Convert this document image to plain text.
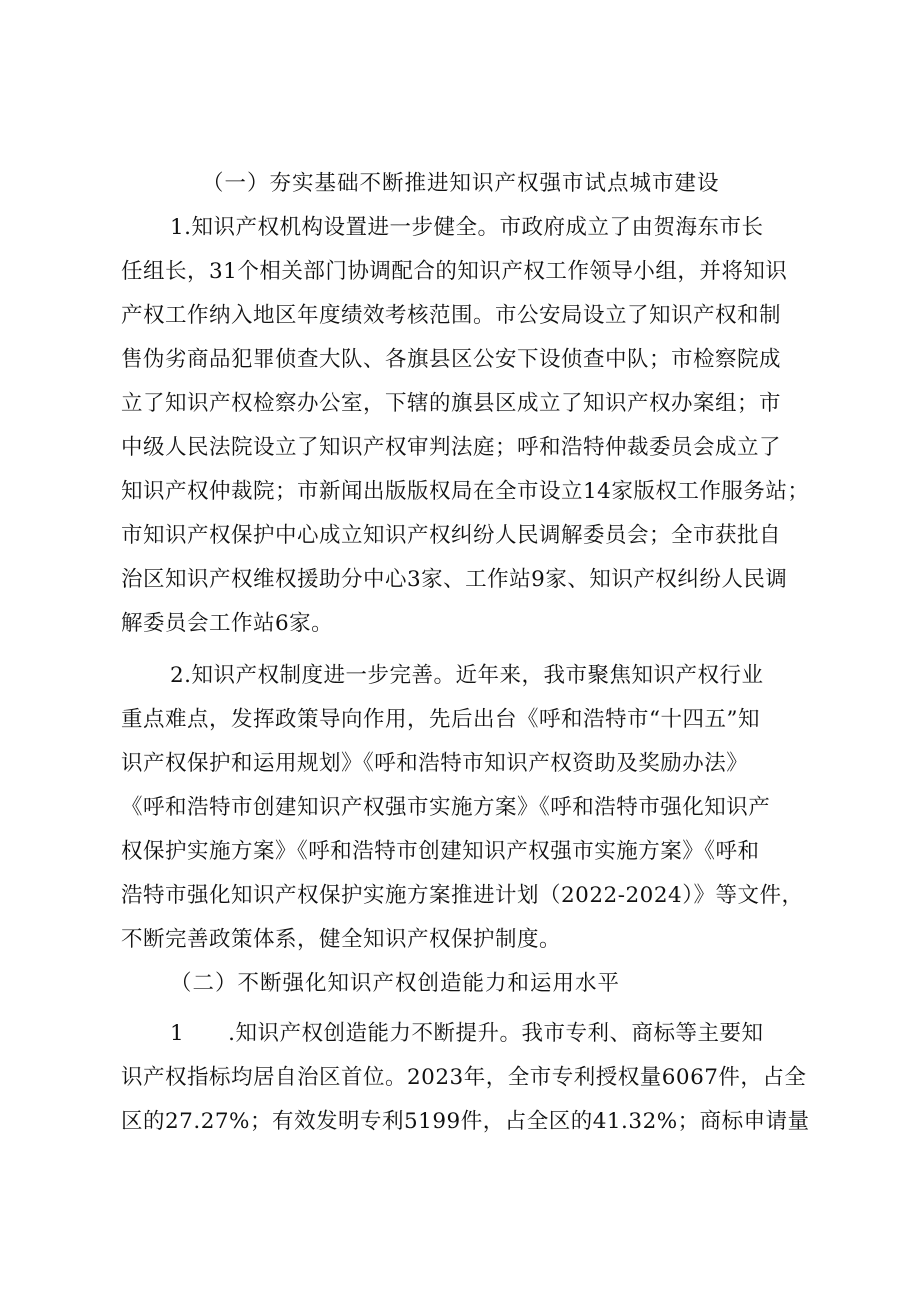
（一）夯实基础不断推进知识产权强市试点城市建设
1.知识产权机构设置进一步健全。市政府成立了由贺海东市长
任组长，31个相关部门协调配合的知识产权工作领导小组，并将知识
产权工作纳入地区年度绩效考核范围。市公安局设立了知识产权和制
售伪劣商品犯罪侦查大队、各旗县区公安下设侦查中队；市检察院成
立了知识产权检察办公室，下辖的旗县区成立了知识产权办案组；市
中级人民法院设立了知识产权审判法庭；呼和浩特仲裁委员会成立了
知识产权仲裁院；市新闻出版版权局在全市设立14家版权工作服务站；
市知识产权保护中心成立知识产权纠纷人民调解委员会；全市获批自
治区知识产权维权援助分中心3家、工作站9家、知识产权纠纷人民调
解委员会工作站6家。
2.知识产权制度进一步完善。近年来，我市聚焦知识产权行业
重点难点，发挥政策导向作用，先后出台《呼和浩特市“十四五”知
识产权保护和运用规划》《呼和浩特市知识产权资助及奖励办法》
《呼和浩特市创建知识产权强市实施方案》《呼和浩特市强化知识产
权保护实施方案》《呼和浩特市创建知识产权强市实施方案》《呼和
浩特市强化知识产权保护实施方案推进计划（2022-2024）》等文件，
不断完善政策体系，健全知识产权保护制度。
（二）不断强化知识产权创造能力和运用水平
1　　.知识产权创造能力不断提升。我市专利、商标等主要知
识产权指标均居自治区首位。2023年，全市专利授权量6067件，占全
区的27.27%；有效发明专利5199件，占全区的41.32%；商标申请量
